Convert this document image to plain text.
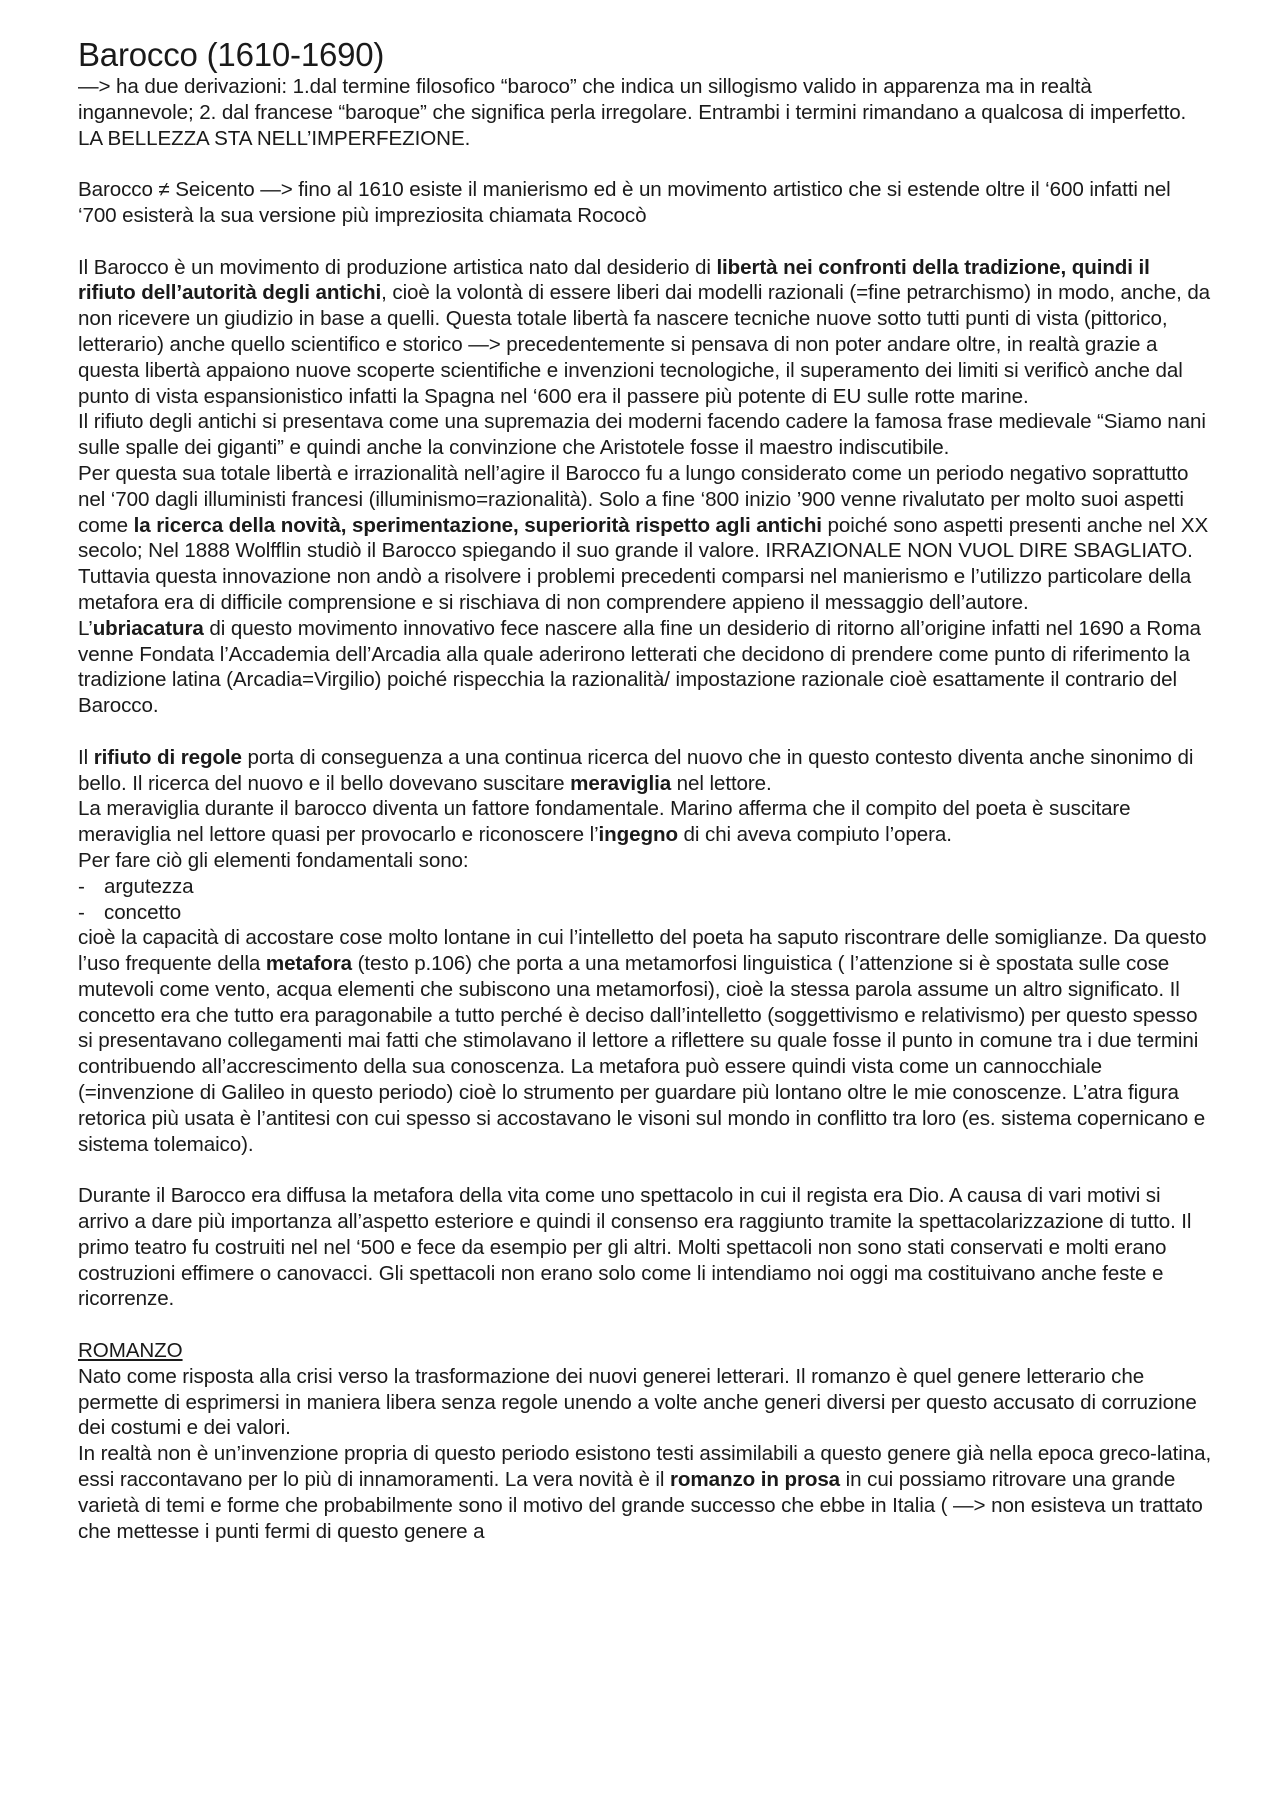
Barocco (1610-1690)

—> ha due derivazioni: 1.dal termine filosofico “baroco” che indica un sillogismo valido in apparenza ma in realtà ingannevole; 2. dal francese “baroque” che significa perla irregolare. Entrambi i termini rimandano a qualcosa di imperfetto. LA BELLEZZA STA NELL’IMPERFEZIONE.

Barocco ≠ Seicento —> fino al 1610 esiste il manierismo ed è un movimento artistico che si estende oltre il ‘600 infatti nel ‘700 esisterà la sua versione più impreziosita chiamata Rococò

Il Barocco è un movimento di produzione artistica nato dal desiderio di libertà nei confronti della tradizione, quindi il rifiuto dell’autorità degli antichi, cioè la volontà di essere liberi dai modelli razionali (=fine petrarchismo) in modo, anche, da non ricevere un giudizio in base a quelli. Questa totale libertà fa nascere tecniche nuove sotto tutti punti di vista (pittorico, letterario) anche quello scientifico e storico —> precedentemente si pensava di non poter andare oltre, in realtà grazie a questa libertà appaiono nuove scoperte scientifiche e invenzioni tecnologiche, il superamento dei limiti si verificò anche dal punto di vista espansionistico infatti la Spagna nel ‘600 era il passere più potente di EU sulle rotte marine.

Il rifiuto degli antichi si presentava come una supremazia dei moderni facendo cadere la famosa frase medievale “Siamo nani sulle spalle dei giganti” e quindi anche la convinzione che Aristotele fosse il maestro indiscutibile.

Per questa sua totale libertà e irrazionalità nell’agire il Barocco fu a lungo considerato come un periodo negativo soprattutto nel ‘700 dagli illuministi francesi (illuminismo=razionalità). Solo a fine ‘800 inizio ’900 venne rivalutato per molto suoi aspetti come la ricerca della novità, sperimentazione, superiorità rispetto agli antichi poiché sono aspetti presenti anche nel XX secolo; Nel 1888 Wolfflin studiò il Barocco spiegando il suo grande il valore. IRRAZIONALE NON VUOL DIRE SBAGLIATO.

Tuttavia questa innovazione non andò a risolvere i problemi precedenti comparsi nel manierismo e l’utilizzo particolare della metafora era di difficile comprensione e si rischiava di non comprendere appieno il messaggio dell’autore.

L’ubriacatura di questo movimento innovativo fece nascere alla fine un desiderio di ritorno all’origine infatti nel 1690 a Roma venne Fondata l’Accademia dell’Arcadia alla quale aderirono letterati che decidono di prendere come punto di riferimento la tradizione latina (Arcadia=Virgilio) poiché rispecchia la razionalità/ impostazione razionale cioè esattamente il contrario del Barocco.

Il rifiuto di regole porta di conseguenza a una continua ricerca del nuovo che in questo contesto diventa anche sinonimo di bello. Il ricerca del nuovo e il bello dovevano suscitare meraviglia nel lettore.

La meraviglia durante il barocco diventa un fattore fondamentale. Marino afferma che il compito del poeta è suscitare meraviglia nel lettore quasi per provocarlo e riconoscere l’ingegno di chi aveva compiuto l’opera.

Per fare ciò gli elementi fondamentali sono:

- argutezza

- concetto

cioè la capacità di accostare cose molto lontane in cui l’intelletto del poeta ha saputo riscontrare delle somiglianze. Da questo l’uso frequente della metafora (testo p.106) che porta a una metamorfosi linguistica ( l’attenzione si è spostata sulle cose mutevoli come vento, acqua elementi che subiscono una metamorfosi), cioè la stessa parola assume un altro significato. Il concetto era che tutto era paragonabile a tutto perché è deciso dall’intelletto (soggettivismo e relativismo) per questo spesso si presentavano collegamenti mai fatti che stimolavano il lettore a riflettere su quale fosse il punto in comune tra i due termini contribuendo all’accrescimento della sua conoscenza. La metafora può essere quindi vista come un cannocchiale (=invenzione di Galileo in questo periodo) cioè lo strumento per guardare più lontano oltre le mie conoscenze. L’atra figura retorica più usata è l’antitesi con cui spesso si accostavano le visoni sul mondo in conflitto tra loro (es. sistema copernicano e sistema tolemaico).

Durante il Barocco era diffusa la metafora della vita come uno spettacolo in cui il regista era Dio. A causa di vari motivi si arrivo a dare più importanza all’aspetto esteriore e quindi il consenso era raggiunto tramite la spettacolarizzazione di tutto. Il primo teatro fu costruiti nel nel ‘500 e fece da esempio per gli altri. Molti spettacoli non sono stati conservati e molti erano costruzioni effimere o canovacci. Gli spettacoli non erano solo come li intendiamo noi oggi ma costituivano anche feste e ricorrenze.

ROMANZO

Nato come risposta alla crisi verso la trasformazione dei nuovi generei letterari. Il romanzo è quel genere letterario che permette di esprimersi in maniera libera senza regole unendo a volte anche generi diversi per questo accusato di corruzione dei costumi e dei valori.

In realtà non è un’invenzione propria di questo periodo esistono testi assimilabili a questo genere già nella epoca greco-latina, essi raccontavano per lo più di innamoramenti. La vera novità è il romanzo in prosa in cui possiamo ritrovare una grande varietà di temi e forme che probabilmente sono il motivo del grande successo che ebbe in Italia ( —> non esisteva un trattato che mettesse i punti fermi di questo genere a
